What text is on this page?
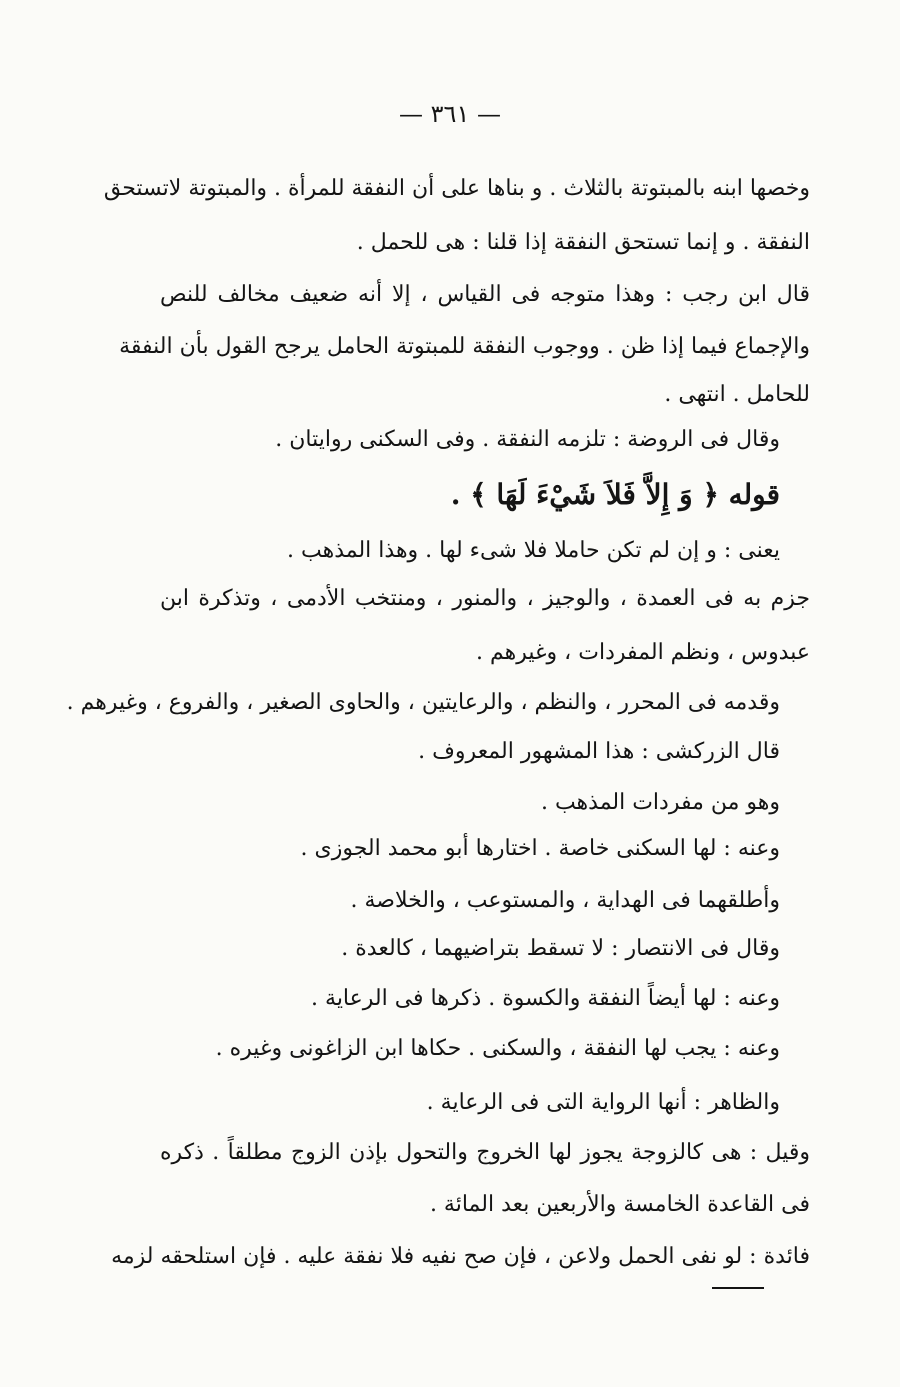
— ٣٦١ —
وخصها ابنه بالمبتوتة بالثلاث . و بناها على أن النفقة للمرأة . والمبتوتة لاتستحق
النفقة . و إنما تستحق النفقة إذا قلنا : هى للحمل .
قال ابن رجب : وهذا متوجه فى القياس ، إلا أنه ضعيف مخالف للنص
والإجماع فيما إذا ظن . ووجوب النفقة للمبتوتة الحامل يرجح القول بأن النفقة
للحامل . انتهى .
وقال فى الروضة : تلزمه النفقة . وفى السكنى روايتان .
قوله ﴿ وَ إِلاَّ فَلاَ شَيْءَ لَهَا ﴾ .
يعنى : و إن لم تكن حاملا فلا شىء لها . وهذا المذهب .
جزم به فى العمدة ، والوجيز ، والمنور ، ومنتخب الأدمى ، وتذكرة ابن
عبدوس ، ونظم المفردات ، وغيرهم .
وقدمه فى المحرر ، والنظم ، والرعايتين ، والحاوى الصغير ، والفروع ، وغيرهم .
قال الزركشى : هذا المشهور المعروف .
وهو من مفردات المذهب .
وعنه : لها السكنى خاصة . اختارها أبو محمد الجوزى .
وأطلقهما فى الهداية ، والمستوعب ، والخلاصة .
وقال فى الانتصار : لا تسقط بتراضيهما ، كالعدة .
وعنه : لها أيضاً النفقة والكسوة . ذكرها فى الرعاية .
وعنه : يجب لها النفقة ، والسكنى . حكاها ابن الزاغونى وغيره .
والظاهر : أنها الرواية التى فى الرعاية .
وقيل : هى كالزوجة يجوز لها الخروج والتحول بإذن الزوج مطلقاً . ذكره
فى القاعدة الخامسة والأربعين بعد المائة .
فائدة : لو نفى الحمل ولاعن ، فإن صح نفيه فلا نفقة عليه . فإن استلحقه لزمه
